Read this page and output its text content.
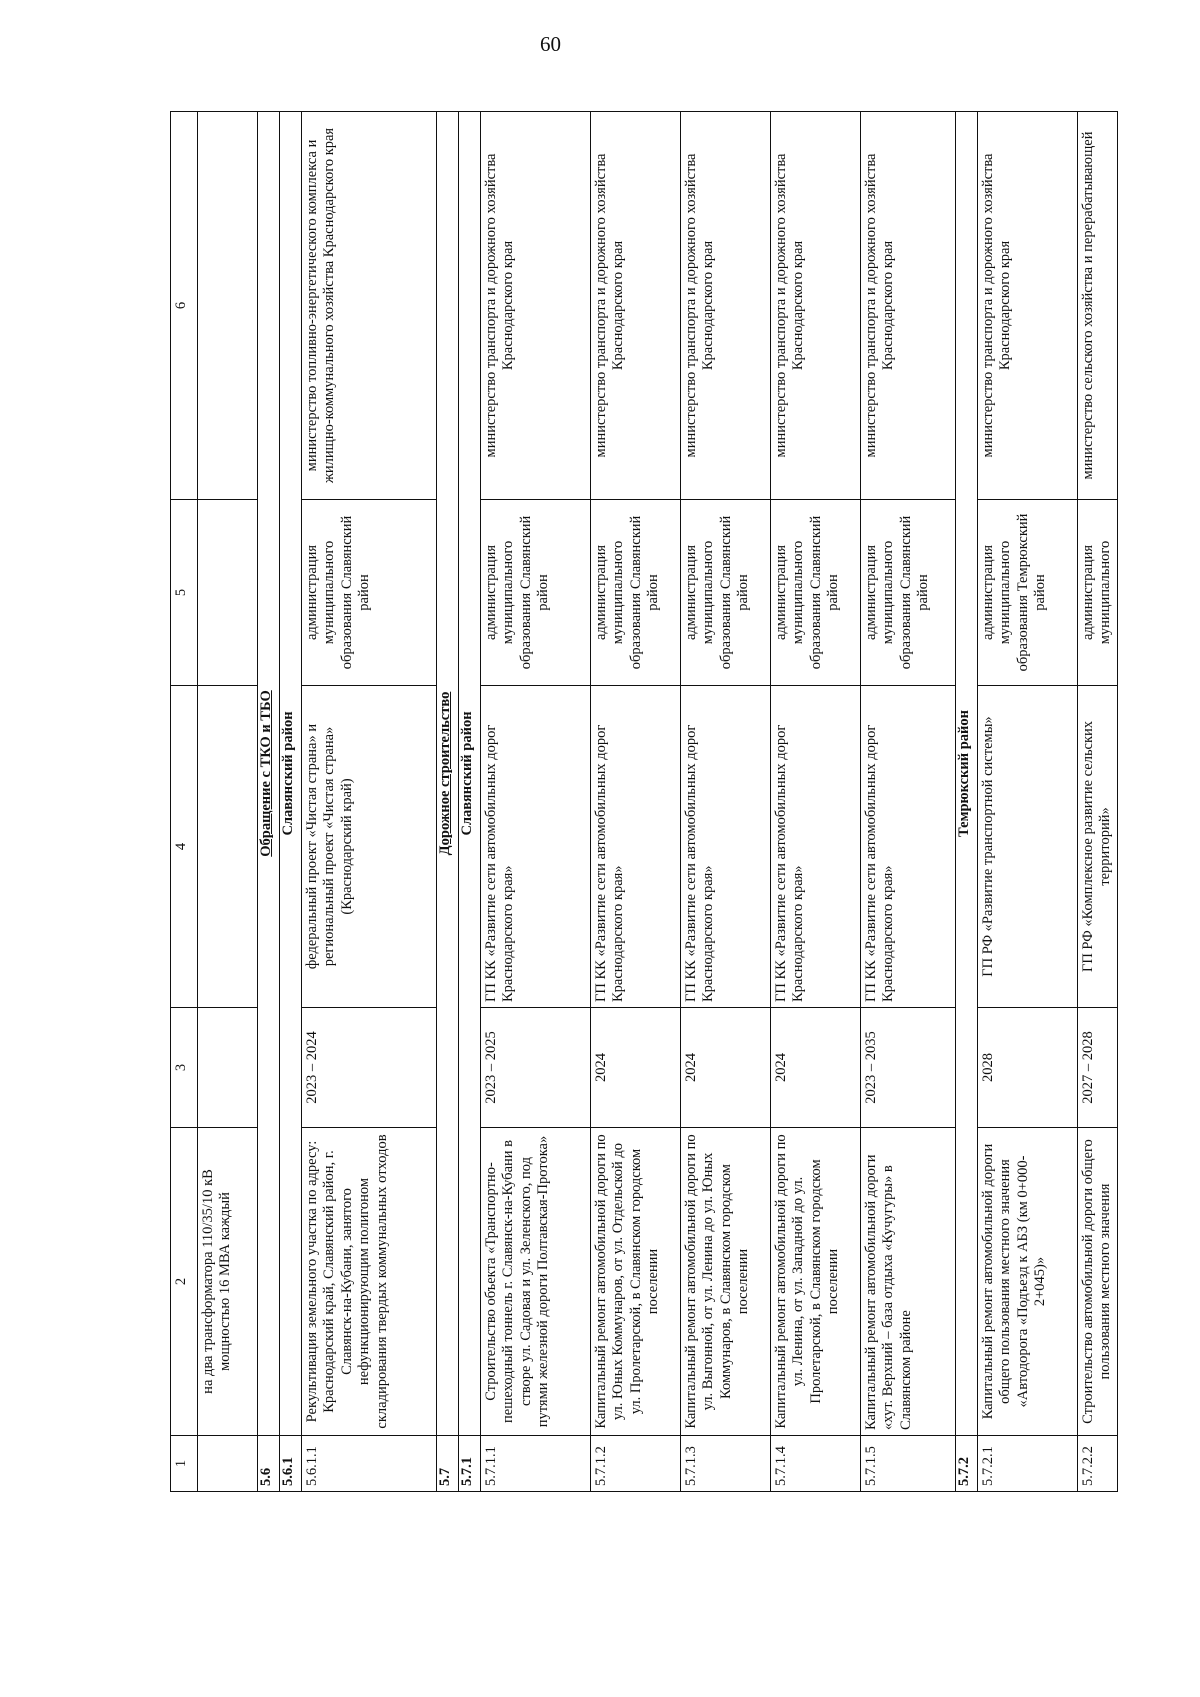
60
1	2	3	4	5	6
	на два трансформатора 110/35/10 кВ мощностью 16 МВА каждый				
5.6	Обращение с ТКО и ТБО				
5.6.1	Славянский район				
5.6.1.1	Рекультивация земельного участка по адресу: Краснодарский край, Славянский район, г. Славянск-на-Кубани, занятого нефункционирующим полигоном складирования твердых коммунальных отходов	2023 – 2024	федеральный проект «Чистая страна» и региональный проект «Чистая страна» (Краснодарский край)	администрация муниципального образования Славянский район	министерство топливно-энергетического комплекса и жилищно-коммунального хозяйства Краснодарского края
5.7	Дорожное строительство				
5.7.1	Славянский район				
5.7.1.1	Строительство объекта «Транспортно-пешеходный тоннель г. Славянск-на-Кубани в створе ул. Садовая и ул. Зеленского, под путями железной дороги Полтавская-Протока»	2023 – 2025	ГП КК «Развитие сети автомобильных дорог Краснодарского края»	администрация муниципального образования Славянский район	министерство транспорта и дорожного хозяйства Краснодарского края
5.7.1.2	Капитальный ремонт автомобильной дороги по ул. Юных Коммунаров, от ул. Отдельской до ул. Пролетарской, в Славянском городском поселении	2024	ГП КК «Развитие сети автомобильных дорог Краснодарского края»	администрация муниципального образования Славянский район	министерство транспорта и дорожного хозяйства Краснодарского края
5.7.1.3	Капитальный ремонт автомобильной дороги по ул. Выгонной, от ул. Ленина до ул. Юных Коммунаров, в Славянском городском поселении	2024	ГП КК «Развитие сети автомобильных дорог Краснодарского края»	администрация муниципального образования Славянский район	министерство транспорта и дорожного хозяйства Краснодарского края
5.7.1.4	Капитальный ремонт автомобильной дороги по ул. Ленина, от ул. Западной до ул. Пролетарской, в Славянском городском поселении	2024	ГП КК «Развитие сети автомобильных дорог Краснодарского края»	администрация муниципального образования Славянский район	министерство транспорта и дорожного хозяйства Краснодарского края
5.7.1.5	Капитальный ремонт автомобильной дороги «хут. Верхний – база отдыха «Кучугуры» в Славянском районе	2023 – 2035	ГП КК «Развитие сети автомобильных дорог Краснодарского края»	администрация муниципального образования Славянский район	министерство транспорта и дорожного хозяйства Краснодарского края
5.7.2	Темрюкский район				
5.7.2.1	Капитальный ремонт автомобильной дороги общего пользования местного значения «Автодорога «Подъезд к АБЗ (км 0+000-2+045)»	2028	ГП РФ «Развитие транспортной системы»	администрация муниципального образования Темрюкский район	министерство транспорта и дорожного хозяйства Краснодарского края
5.7.2.2	Строительство автомобильной дороги общего пользования местного значения	2027 – 2028	ГП РФ «Комплексное развитие сельских территорий»	администрация муниципального	министерство сельского хозяйства и перерабатывающей
